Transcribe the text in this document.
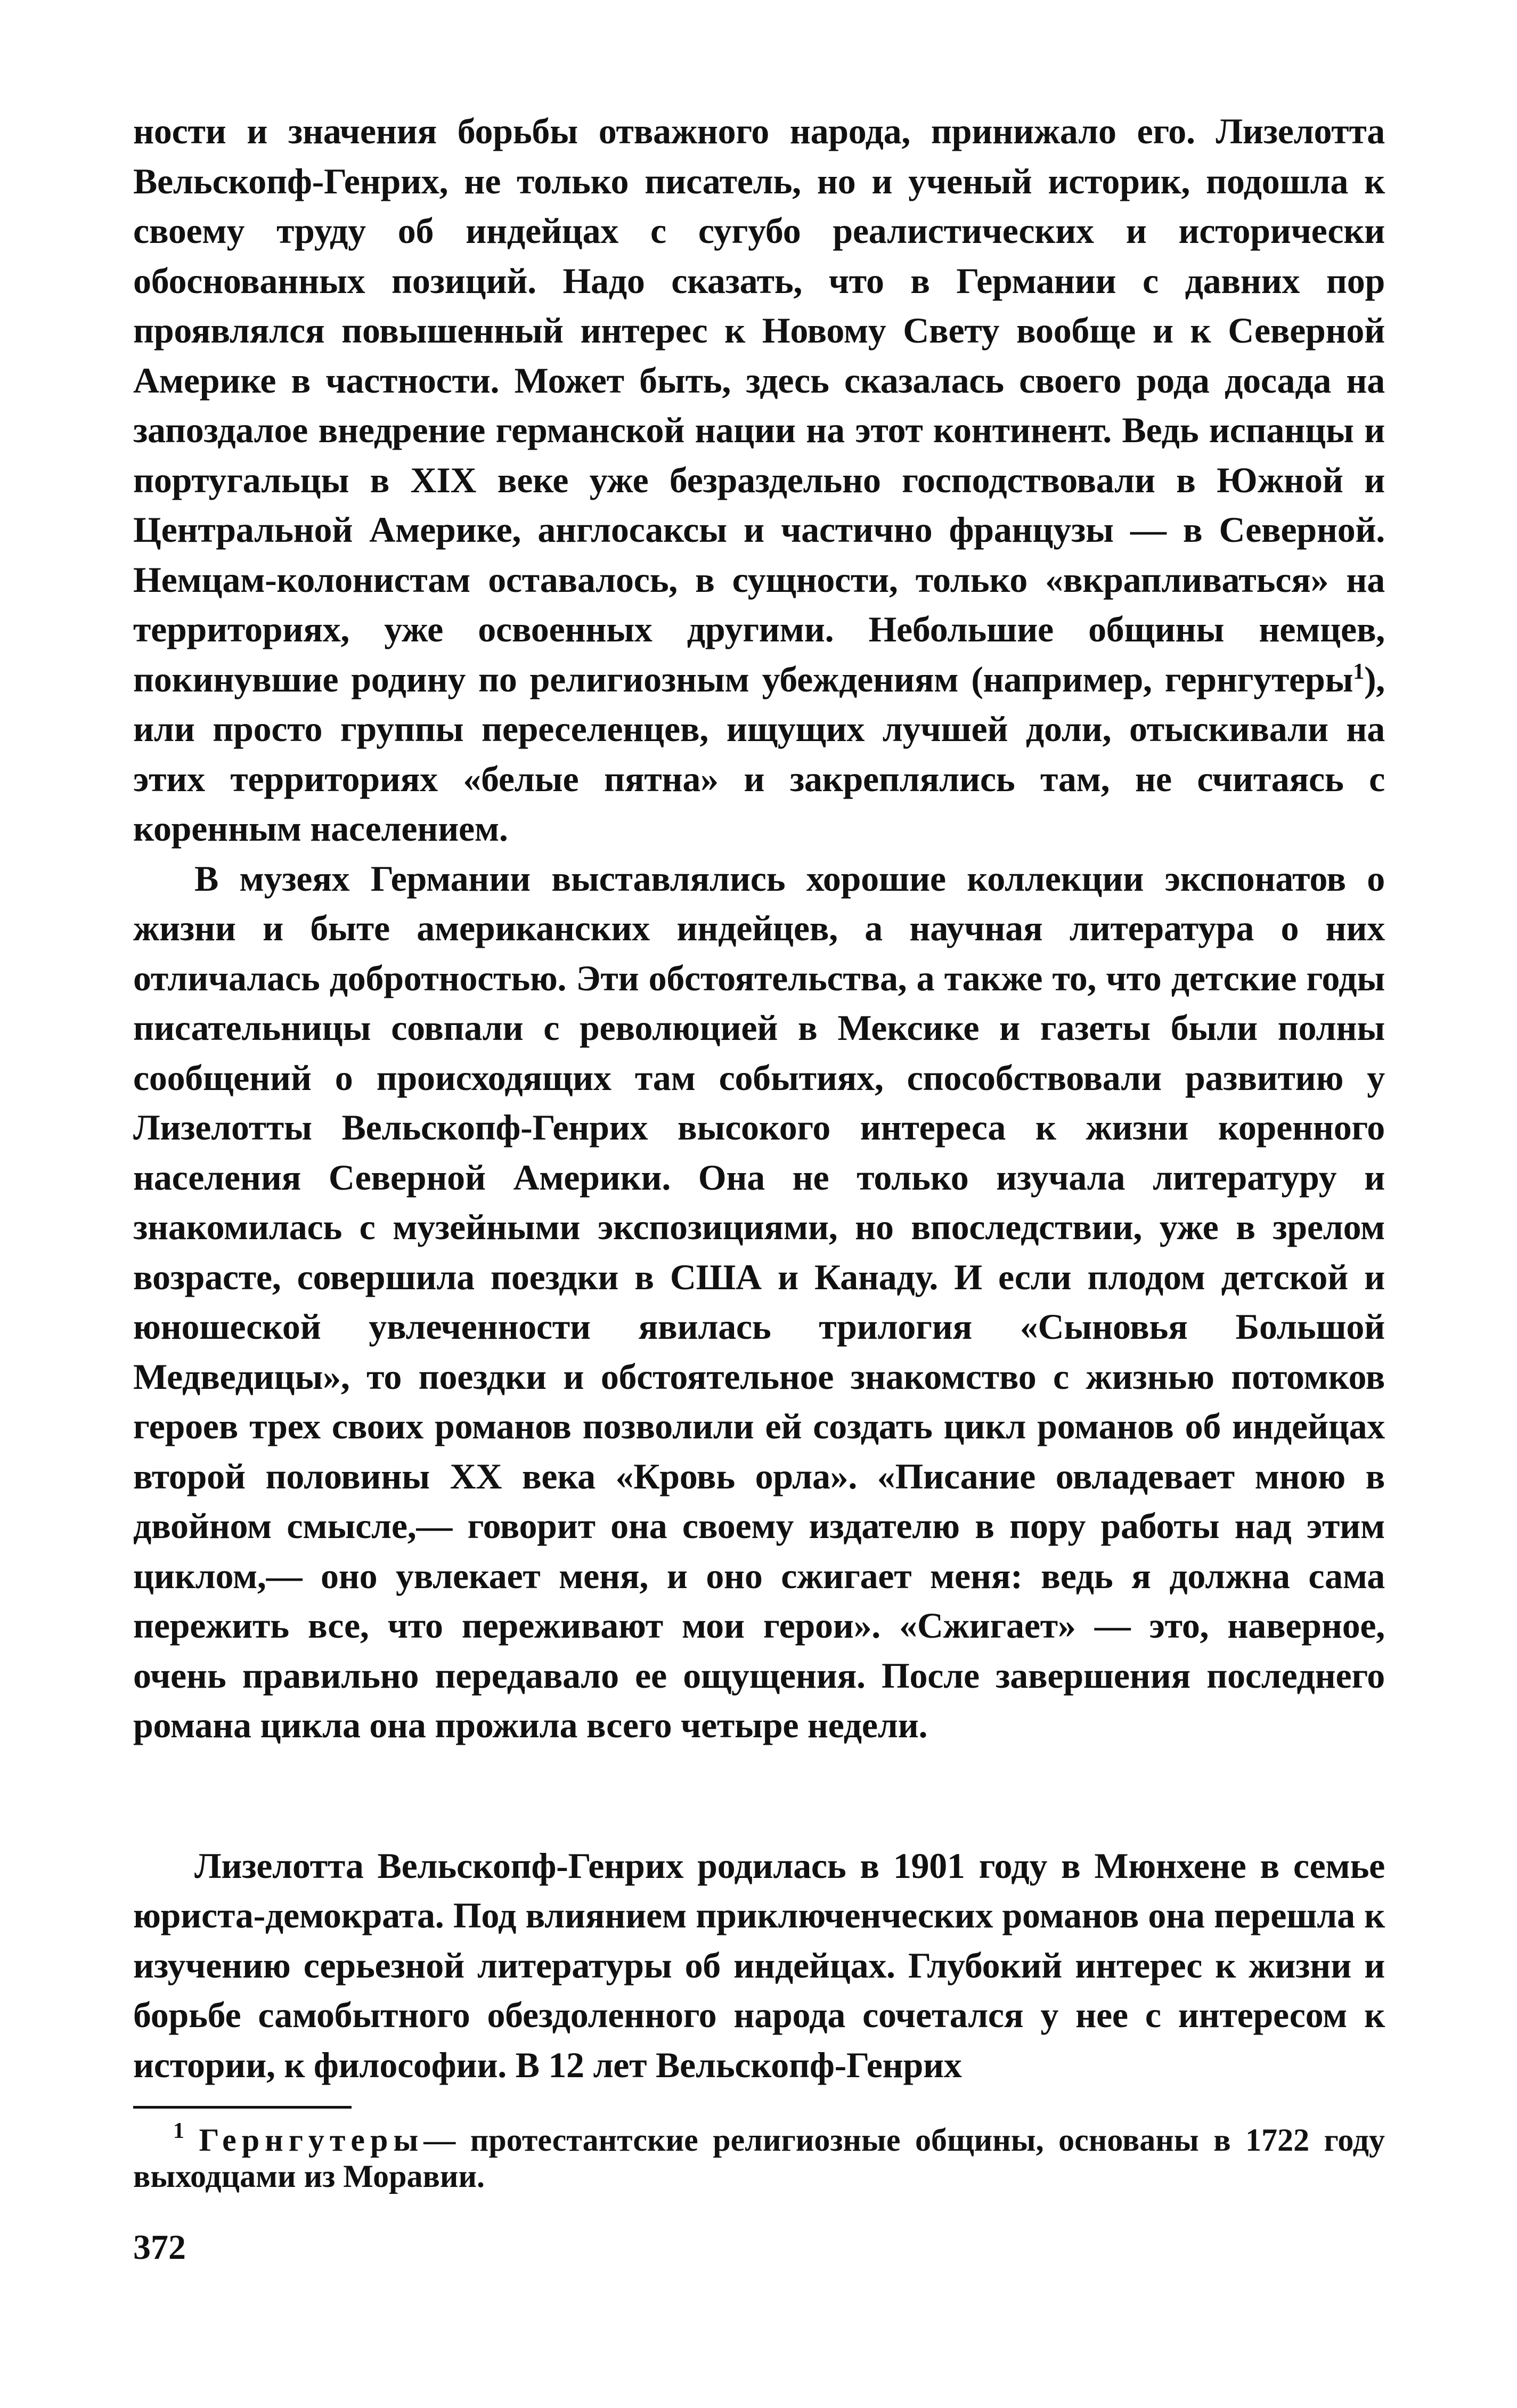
ности и значения борьбы отважного народа, принижало его. Лизелотта Вельскопф-Генрих, не только писатель, но и ученый историк, подошла к своему труду об индейцах с сугубо реалистических и исторически обоснованных позиций. Надо сказать, что в Германии с давних пор проявлялся повышенный интерес к Новому Свету вообще и к Северной Америке в частности. Может быть, здесь сказалась своего рода досада на запоздалое внедрение германской нации на этот континент. Ведь испанцы и португальцы в XIX веке уже безраздельно господствовали в Южной и Центральной Америке, англосаксы и частично французы — в Северной. Немцам-колонистам оставалось, в сущности, только «вкрапливаться» на территориях, уже освоенных другими. Небольшие общины немцев, покинувшие родину по религиозным убеждениям (например, гернгутеры$^1$), или просто группы переселенцев, ищущих лучшей доли, отыскивали на этих территориях «белые пятна» и закреплялись там, не считаясь с коренным населением.

В музеях Германии выставлялись хорошие коллекции экспонатов о жизни и быте американских индейцев, а научная литература о них отличалась добротностью. Эти обстоятельства, а также то, что детские годы писательницы совпали с революцией в Мексике и газеты были полны сообщений о происходящих там событиях, способствовали развитию у Лизелотты Вельскопф-Генрих высокого интереса к жизни коренного населения Северной Америки. Она не только изучала литературу и знакомилась с музейными экспозициями, но впоследствии, уже в зрелом возрасте, совершила поездки в США и Канаду. И если плодом детской и юношеской увлеченности явилась трилогия «Сыновья Большой Медведицы», то поездки и обстоятельное знакомство с жизнью потомков героев трех своих романов позволили ей создать цикл романов об индейцах второй половины XX века «Кровь орла». «Писание овладевает мною в двойном смысле,— говорит она своему издателю в пору работы над этим циклом,— оно увлекает меня, и оно сжигает меня: ведь я должна сама пережить все, что переживают мои герои». «Сжигает» — это, наверное, очень правильно передавало ее ощущения. После завершения последнего романа цикла она прожила всего четыре недели.

Лизелотта Вельскопф-Генрих родилась в 1901 году в Мюнхене в семье юриста-демократа. Под влиянием приключенческих романов она перешла к изучению серьезной литературы об индейцах. Глубокий интерес к жизни и борьбе самобытного обездоленного народа сочетался у нее с интересом к истории, к философии. В 12 лет Вельскопф-Генрих

$^1$ Гернгутеры— протестантские религиозные общины, основаны в 1722 году выходцами из Моравии.

372
